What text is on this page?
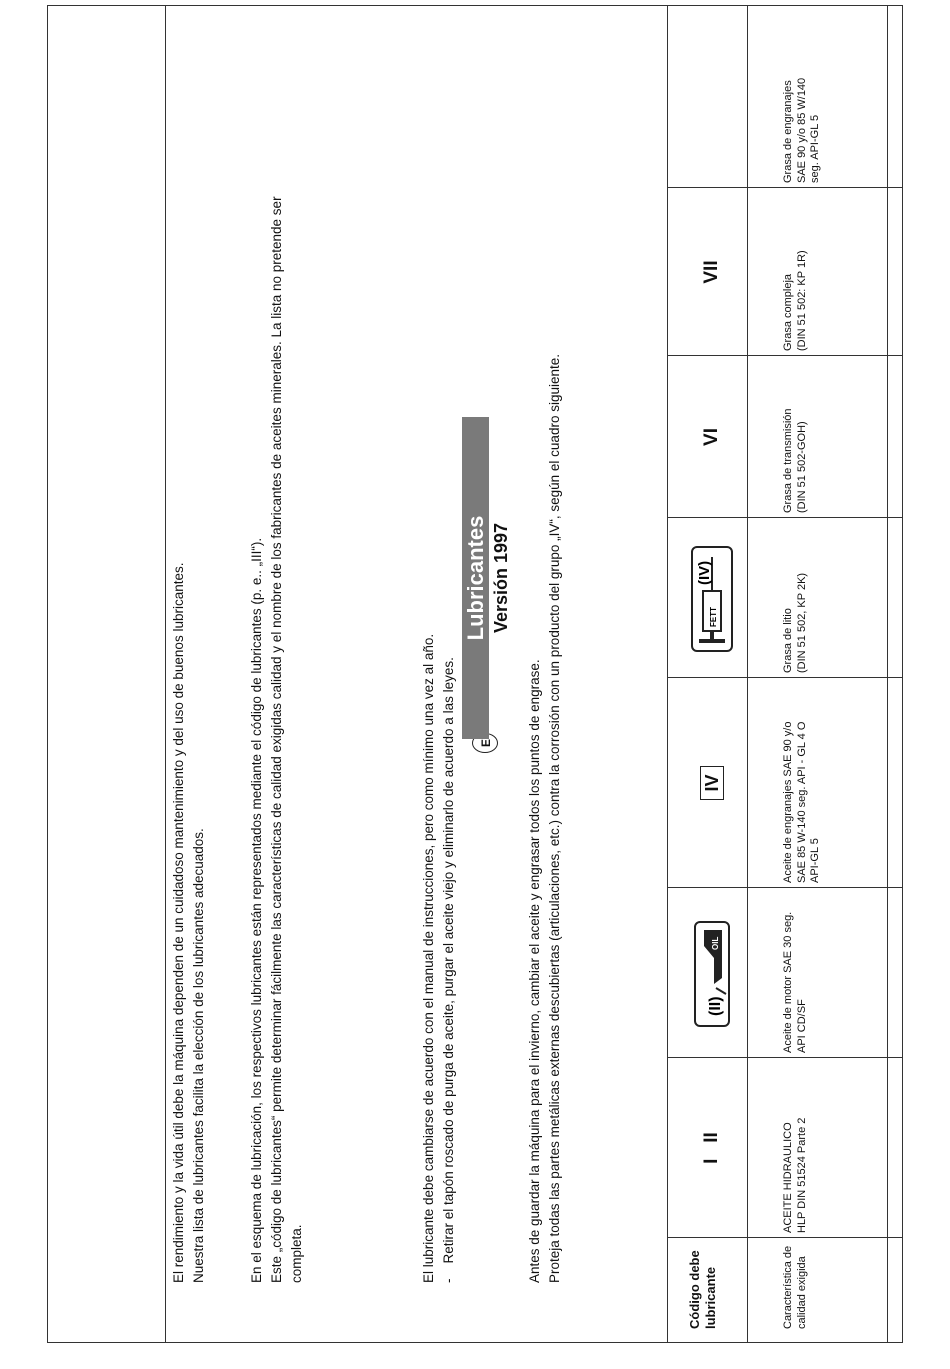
E
Lubricantes Versión 1997
El rendimiento y la vida útil debe la máquina dependen de un cuidadoso mantenimiento y del uso de buenos lubricantes.
Nuestra lista de lubricantes facilita la elección de los lubricantes adecuados.
En el esquema de lubricación, los respectivos lubricantes están representados mediante el código de lubricantes (p. e.. „III“).
Este „código de lubricantes“ permite determinar fácilmente las características de calidad exigidas calidad y el nombre de los fabricantes de aceites minerales. La lista no pretende ser
completa.	El lubricante debe cambiarse de acuerdo con el manual de instrucciones, pero como mínimo una vez al año.
-    Retirar el tapón roscado de purga de aceite, purgar el aceite viejo y eliminarlo de acuerdo a las leyes.
Antes de guardar la máquina para el invierno, cambiar el aceite y engrasar todos los puntos de engrase.
Proteja todas las partes metálicas externas descubiertas (articulaciones, etc.) contra la corrosión con un producto del grupo „IV“, según el cuadro siguiente.
Código debe
lubricante	Característica de
calidad exigida
I   II
(II)
OIL
IV
FETT
(IV)
VI
VII
ACEITE HIDRAULICO
HLP DIN 51524 Parte 2
Aceite de motor SAE 30 seg.
API CD/SF
Aceite de engranajes SAE 90 y/o
SAE 85 W-140 seg. API - GL 4 O
API-GL 5
Grasa de litio
(DIN 51 502, KP 2K)
Grasa de transmisión
(DIN 51 502-GOH)
Grasa compleja
(DIN 51 502: KP 1R)
Grasa de engranajes
SAE 90 y/o 85 W/140
seg. API-GL 5
